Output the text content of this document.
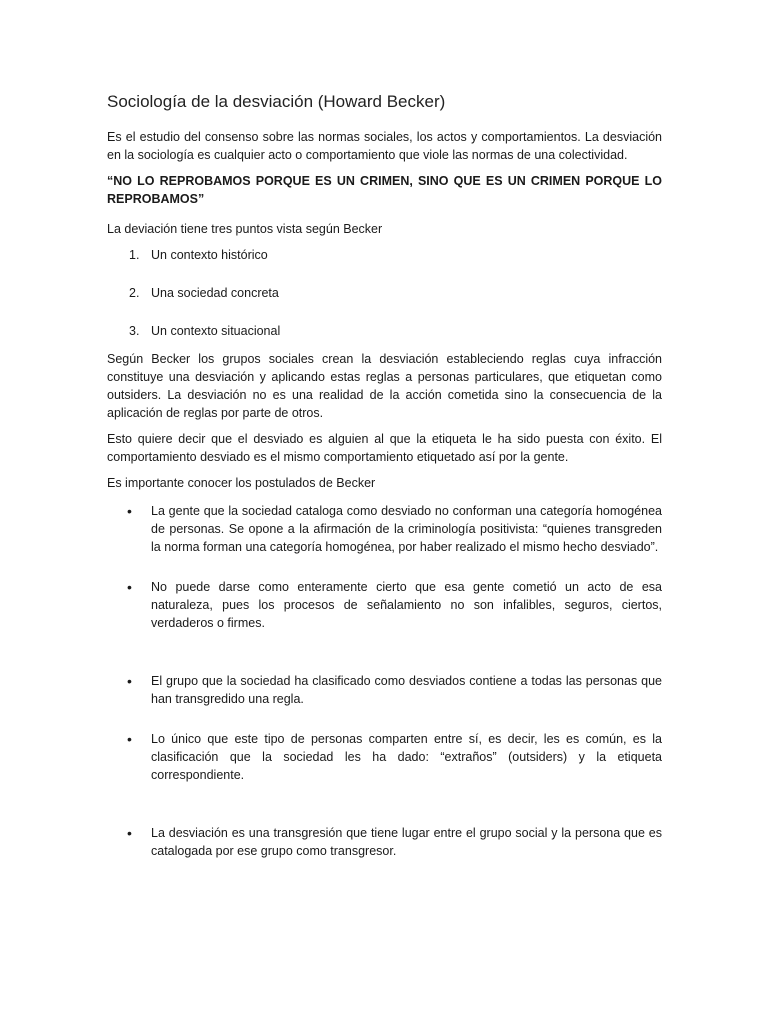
Sociología de la desviación (Howard Becker)

Es el estudio del consenso sobre las normas sociales, los actos y comportamientos. La desviación en la sociología es cualquier acto o comportamiento que viole las normas de una colectividad.

“NO LO REPROBAMOS PORQUE ES UN CRIMEN, SINO QUE ES UN CRIMEN PORQUE LO REPROBAMOS”

La deviación tiene tres puntos vista según Becker

1. Un contexto histórico
2. Una sociedad concreta
3. Un contexto situacional

Según Becker los grupos sociales crean la desviación estableciendo reglas cuya infracción constituye una desviación y aplicando estas reglas a personas particulares, que etiquetan como outsiders. La desviación no es una realidad de la acción cometida sino la consecuencia de la aplicación de reglas por parte de otros.

Esto quiere decir que el desviado es alguien al que la etiqueta le ha sido puesta con éxito. El comportamiento desviado es el mismo comportamiento etiquetado así por la gente.

Es importante conocer los postulados de Becker

•	La gente que la sociedad cataloga como desviado no conforman una categoría homogénea de personas. Se opone a la afirmación de la criminología positivista: “quienes transgreden la norma forman una categoría homogénea, por haber realizado el mismo hecho desviado”.
•	No puede darse como enteramente cierto que esa gente cometió un acto de esa naturaleza, pues los procesos de señalamiento no son infalibles, seguros, ciertos, verdaderos o firmes.
•	El grupo que la sociedad ha clasificado como desviados contiene a todas las personas que han transgredido una regla.
•	Lo único que este tipo de personas comparten entre sí, es decir, les es común, es la clasificación que la sociedad les ha dado: “extraños” (outsiders) y la etiqueta correspondiente.
•	La desviación es una transgresión que tiene lugar entre el grupo social y la persona que es catalogada por ese grupo como transgresor.
